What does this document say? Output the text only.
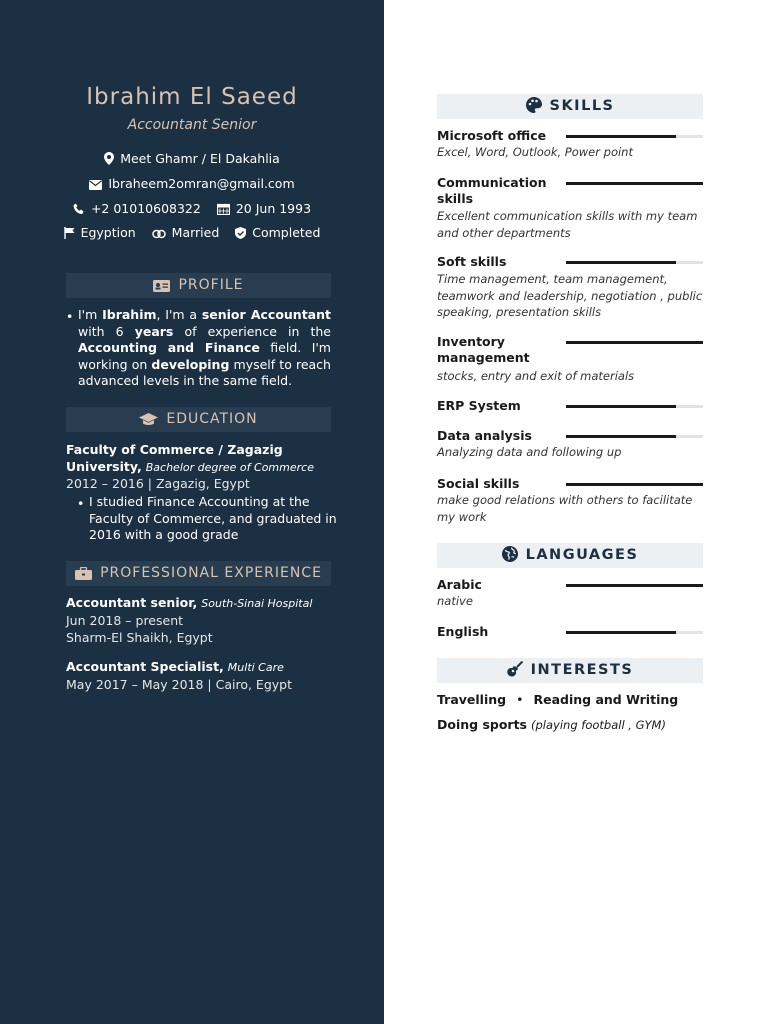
Ibrahim El Saeed
Accountant Senior
Meet Ghamr / El Dakahlia
Ibraheem2omran@gmail.com
+2 01010608322	20 Jun 1993
Egyption	Married	Completed
PROFILE
• I'm Ibrahim, I'm a senior Accountant with 6 years of experience in the Accounting and Finance field. I'm working on developing myself to reach advanced levels in the same field.
EDUCATION
Faculty of Commerce / Zagazig University, Bachelor degree of Commerce
2012 – 2016 | Zagazig, Egypt
• I studied Finance Accounting at the Faculty of Commerce, and graduated in 2016 with a good grade
PROFESSIONAL EXPERIENCE
Accountant senior, South-Sinai Hospital
Jun 2018 – present
Sharm-El Shaikh, Egypt
Accountant Specialist, Multi Care
May 2017 – May 2018 | Cairo, Egypt
SKILLS
Microsoft office
Excel, Word, Outlook, Power point
Communication skills
Excellent communication skills with my team and other departments
Soft skills
Time management, team management, teamwork and leadership, negotiation , public speaking, presentation skills
Inventory management
stocks, entry and exit of materials
ERP System
Data analysis
Analyzing data and following up
Social skills
make good relations with others to facilitate my work
LANGUAGES
Arabic
native
English
INTERESTS
Travelling • Reading and Writing
Doing sports (playing football , GYM)
